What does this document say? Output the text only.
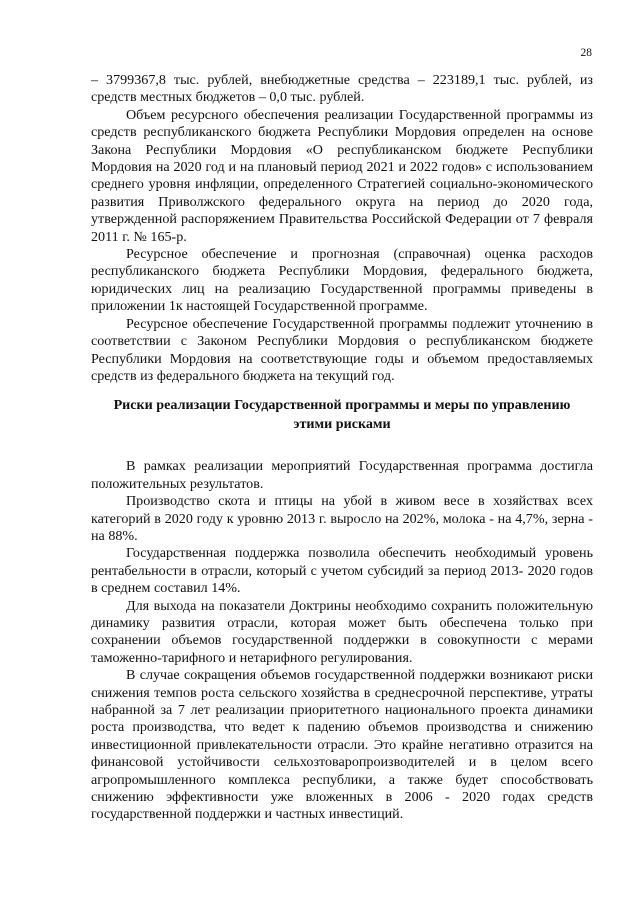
28

– 3799367,8 тыс. рублей, внебюджетные средства – 223189,1 тыс. рублей, из средств местных бюджетов – 0,0 тыс. рублей.

Объем ресурсного обеспечения реализации Государственной программы из средств республиканского бюджета Республики Мордовия определен на основе Закона Республики Мордовия «О республиканском бюджете Республики Мордовия на 2020 год и на плановый период 2021 и 2022 годов» с использованием среднего уровня инфляции, определенного Стратегией социально-экономического развития Приволжского федерального округа на период до 2020 года, утвержденной распоряжением Правительства Российской Федерации от 7 февраля 2011 г. № 165-р.

Ресурсное обеспечение и прогнозная (справочная) оценка расходов республиканского бюджета Республики Мордовия, федерального бюджета, юридических лиц на реализацию Государственной программы приведены в приложении 1к настоящей Государственной программе.

Ресурсное обеспечение Государственной программы подлежит уточнению в соответствии с Законом Республики Мордовия о республиканском бюджете Республики Мордовия на соответствующие годы и объемом предоставляемых средств из федерального бюджета на текущий год.

Риски реализации Государственной программы и меры по управлению
этими рисками

В рамках реализации мероприятий Государственная программа достигла положительных результатов.

Производство скота и птицы на убой в живом весе в хозяйствах всех категорий в 2020 году к уровню 2013 г. выросло на 202%, молока - на 4,7%, зерна - на 88%.

Государственная поддержка позволила обеспечить необходимый уровень рентабельности в отрасли, который с учетом субсидий за период 2013- 2020 годов в среднем составил 14%.

Для выхода на показатели Доктрины необходимо сохранить положительную динамику развития отрасли, которая может быть обеспечена только при сохранении объемов государственной поддержки в совокупности с мерами таможенно-тарифного и нетарифного регулирования.

В случае сокращения объемов государственной поддержки возникают риски снижения темпов роста сельского хозяйства в среднесрочной перспективе, утраты набранной за 7 лет реализации приоритетного национального проекта динамики роста производства, что ведет к падению объемов производства и снижению инвестиционной привлекательности отрасли. Это крайне негативно отразится на финансовой устойчивости сельхозтоваропроизводителей и в целом всего агропромышленного комплекса республики, а также будет способствовать снижению эффективности уже вложенных в 2006 - 2020 годах средств государственной поддержки и частных инвестиций.
